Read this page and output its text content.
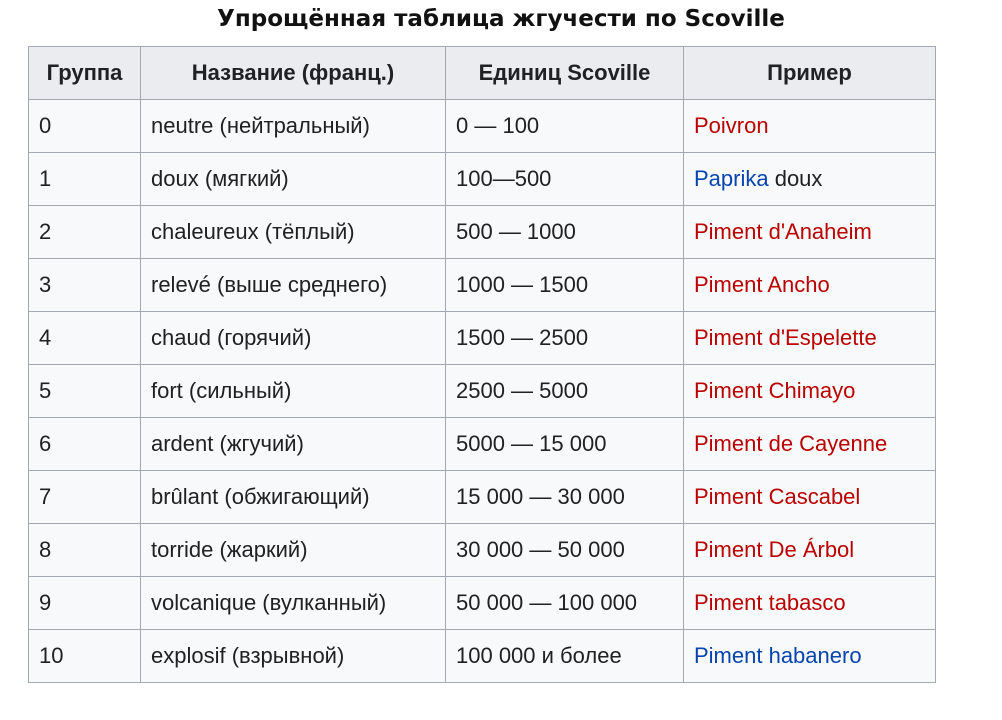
Упрощённая таблица жгучести по Scoville
Группа	Название (франц.)	Единиц Scoville	Пример
0	neutre (нейтральный)	0 — 100	Poivron
1	doux (мягкий)	100—500	Paprika doux
2	chaleureux (тёплый)	500 — 1000	Piment d'Anaheim
3	relevé (выше среднего)	1000 — 1500	Piment Ancho
4	chaud (горячий)	1500 — 2500	Piment d'Espelette
5	fort (сильный)	2500 — 5000	Piment Chimayo
6	ardent (жгучий)	5000 — 15 000	Piment de Cayenne
7	brûlant (обжигающий)	15 000 — 30 000	Piment Cascabel
8	torride (жаркий)	30 000 — 50 000	Piment De Árbol
9	volcanique (вулканный)	50 000 — 100 000	Piment tabasco
10	explosif (взрывной)	100 000 и более	Piment habanero
